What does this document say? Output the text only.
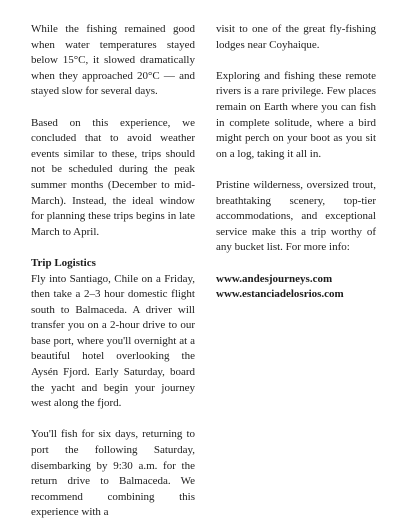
While the fishing remained good when water temperatures stayed below 15°C, it slowed dramatically when they approached 20°C — and stayed slow for several days.

Based on this experience, we concluded that to avoid weather events similar to these, trips should not be scheduled during the peak summer months (December to mid-March). Instead, the ideal window for planning these trips begins in late March to April.

Trip Logistics

Fly into Santiago, Chile on a Friday, then take a 2–3 hour domestic flight south to Balmaceda. A driver will transfer you on a 2-hour drive to our base port, where you'll overnight at a beautiful hotel overlooking the Aysén Fjord. Early Saturday, board the yacht and begin your journey west along the fjord.

You'll fish for six days, returning to port the following Saturday, disembarking by 9:30 a.m. for the return drive to Balmaceda. We recommend combining this experience with a

visit to one of the great fly-fishing lodges near Coyhaique.

Exploring and fishing these remote rivers is a rare privilege. Few places remain on Earth where you can fish in complete solitude, where a bird might perch on your boot as you sit on a log, taking it all in.

Pristine wilderness, oversized trout, breathtaking scenery, top-tier accommodations, and exceptional service make this a trip worthy of any bucket list. For more info:

www.andesjourneys.com

www.estanciadelosrios.com
